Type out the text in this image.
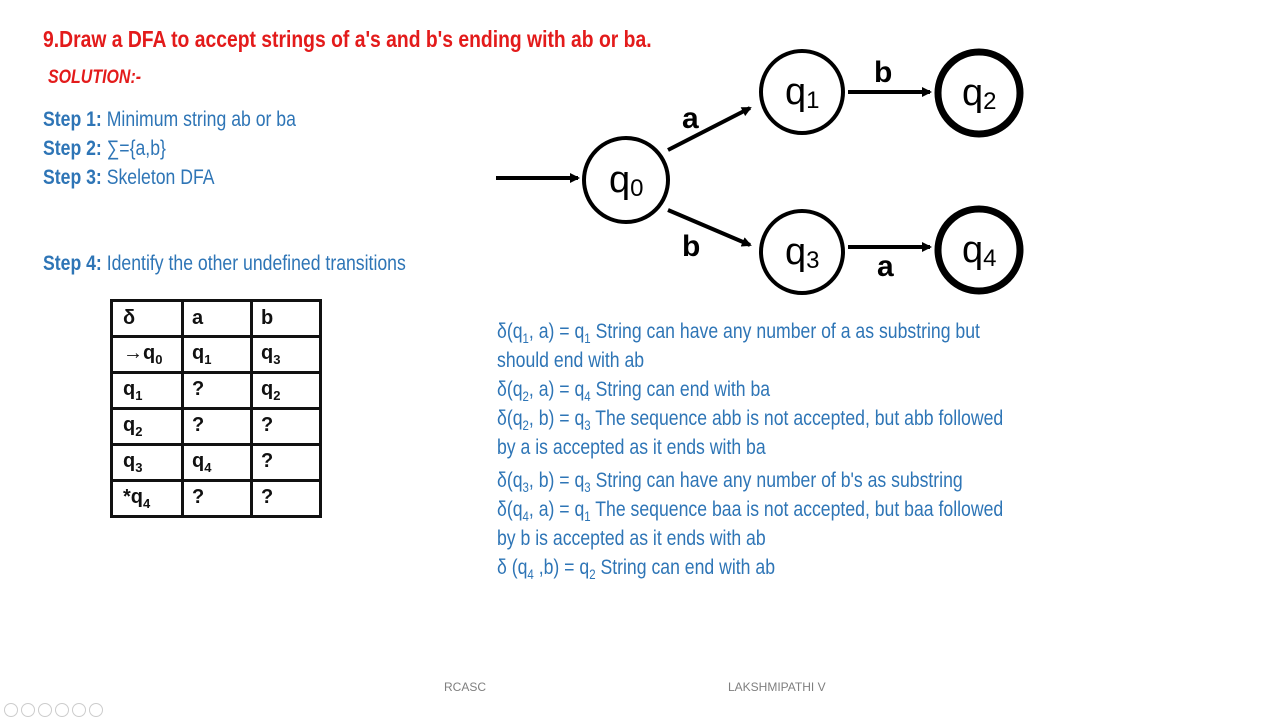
9.Draw a DFA to accept strings of a's and b's ending with ab or ba.
SOLUTION:-
Step 1: Minimum string ab or ba
Step 2: ∑={a,b}
Step 3: Skeleton DFA
Step 4: Identify the other undefined transitions
δ	a	b
$\to q_0$	$q_1$	$q_3$
$q_1$	?	$q_2$
$q_2$	?	?
$q_3$	$q_4$	?
$*q_4$	?	?
q0
q1	q2
q3	q4
a
b
b
a
$\delta(q_1$, $a) = q_1$ String can have any number of a as substring but
should end with ab
$\delta(q_2$, $a) = q_4$ String can end with ba
$\delta(q_2$, $b) = q_3$ The sequence abb is not accepted, but abb followed
by a is accepted as it ends with ba
$\delta(q_3$, $b) = q_3$ String can have any number of b's as substring
$\delta(q_4$, $a) = q_1$ The sequence baa is not accepted, but baa followed
by b is accepted as it ends with ab
δ ($q_4$ $,b) = q_2$ String can end with ab
RCASC	LAKSHMIPATHI V
